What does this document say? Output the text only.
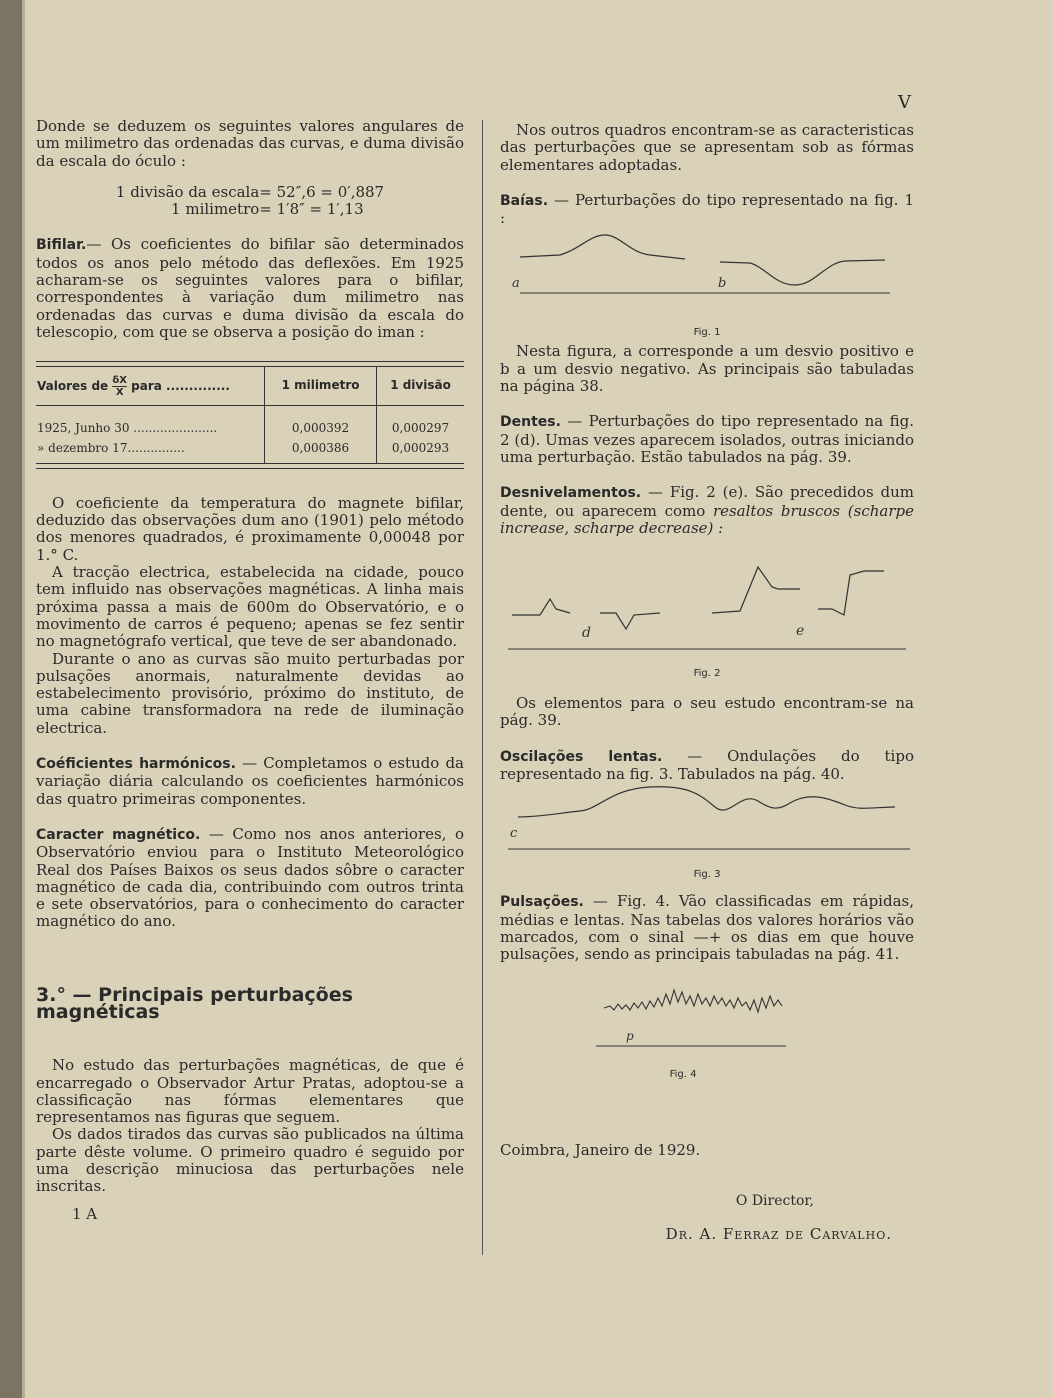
V

Donde se deduzem os seguintes valores angulares de um milimetro das ordenadas das curvas, e duma divisão da escala do óculo :

1 divisão da escala = 52″,6 = 0′,887
1 milimetro = 1′8″ = 1′,13

Bifilar.— Os coeficientes do bifilar são determinados todos os anos pelo método das deflexões. Em 1925 acharam-se os seguintes valores para o bifilar, correspondentes à variação dum milimetro nas ordenadas das curvas e duma divisão da escala do telescopio, com que se observa a posição do iman :

Valores de $\frac{\delta X}{X}$ para ..............	1 milimetro	1 divisão

1925, Junho 30 ......................	0,000392	0,000297
» dezembro 17...............	0,000386	0,000293

O coeficiente da temperatura do magnete bifilar, deduzido das observações dum ano (1901) pelo método dos menores quadrados, é proximamente 0,00048 por 1.° C.

A tracção electrica, estabelecida na cidade, pouco tem influido nas observações magnéticas. A linha mais próxima passa a mais de 600m do Observatório, e o movimento de carros é pequeno; apenas se fez sentir no magnetógrafo vertical, que teve de ser abandonado.

Durante o ano as curvas são muito perturbadas por pulsações anormais, naturalmente devidas ao estabelecimento provisório, próximo do instituto, de uma cabine transformadora na rede de iluminação electrica.

Coéficientes harmónicos. — Completamos o estudo da variação diária calculando os coeficientes harmónicos das quatro primeiras componentes.

Caracter magnético. — Como nos anos anteriores, o Observatório enviou para o Instituto Meteorológico Real dos Países Baixos os seus dados sôbre o caracter magnético de cada dia, contribuindo com outros trinta e sete observatórios, para o conhecimento do caracter magnético do ano.

3.° — Principais perturbações magnéticas

No estudo das perturbações magnéticas, de que é encarregado o Observador Artur Pratas, adoptou-se a classificação nas fórmas elementares que representamos nas figuras que seguem.

Os dados tirados das curvas são publicados na última parte dêste volume. O primeiro quadro é seguido por uma descrição minuciosa das perturbações nele inscritas.

1 A

Nos outros quadros encontram-se as caracteristicas das perturbações que se apresentam sob as fórmas elementares adoptadas.

Baías. — Perturbações do tipo representado na fig. 1 :

a	b
Fig. 1

Nesta figura, a corresponde a um desvio positivo e b a um desvio negativo. As principais são tabuladas na página 38.

Dentes. — Perturbações do tipo representado na fig. 2 (d). Umas vezes aparecem isolados, outras iniciando uma perturbação. Estão tabulados na pág. 39.

Desnivelamentos. — Fig. 2 (e). São precedidos dum dente, ou aparecem como resaltos bruscos (scharpe increase, scharpe decrease) :

d	e
Fig. 2

Os elementos para o seu estudo encontram-se na pág. 39.

Oscilações lentas. — Ondulações do tipo representado na fig. 3. Tabulados na pág. 40.

c
Fig. 3

Pulsações. — Fig. 4. Vão classificadas em rápidas, médias e lentas. Nas tabelas dos valores horários vão marcados, com o sinal —+ os dias em que houve pulsações, sendo as principais tabuladas na pág. 41.

p
Fig. 4

Coimbra, Janeiro de 1929.

O Director,

Dr. A. Ferraz de Carvalho.
